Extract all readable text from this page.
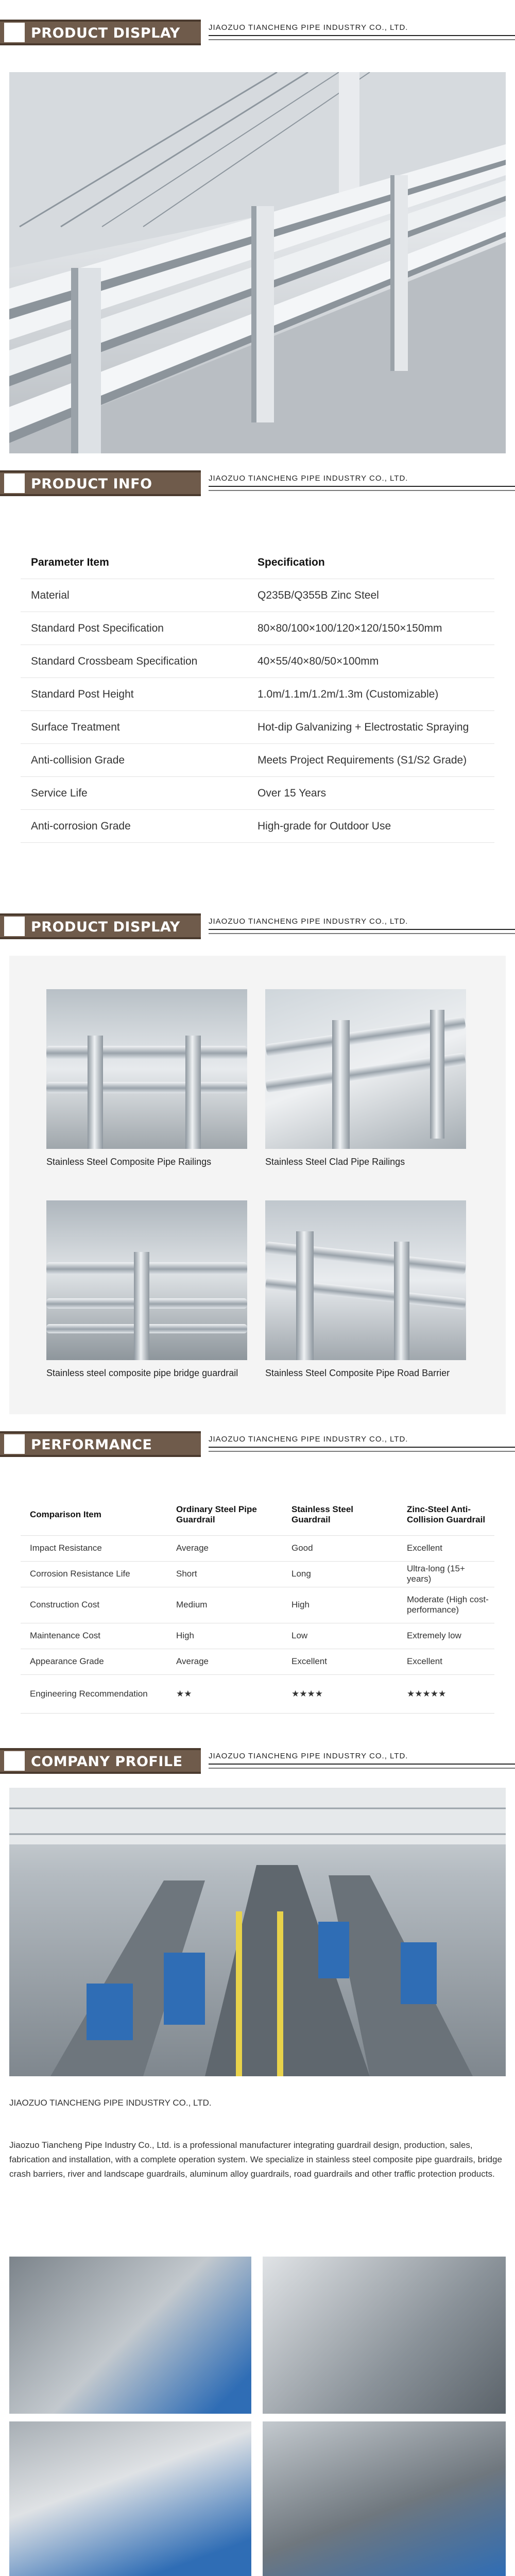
PRODUCT DISPLAY	JIAOZUO TIANCHENG PIPE INDUSTRY CO., LTD.
PRODUCT INFO	JIAOZUO TIANCHENG PIPE INDUSTRY CO., LTD.
Parameter Item	Specification
Material	Q235B/Q355B Zinc Steel
Standard Post Specification	80×80/100×100/120×120/150×150mm
Standard Crossbeam Specification	40×55/40×80/50×100mm
Standard Post Height	1.0m/1.1m/1.2m/1.3m (Customizable)
Surface Treatment	Hot-dip Galvanizing + Electrostatic Spraying
Anti-collision Grade	Meets Project Requirements (S1/S2 Grade)
Service Life	Over 15 Years
Anti-corrosion Grade	High-grade for Outdoor Use
PRODUCT DISPLAY	JIAOZUO TIANCHENG PIPE INDUSTRY CO., LTD.
Stainless Steel Composite Pipe Railings	Stainless Steel Clad Pipe Railings
Stainless steel composite pipe bridge guardrail	Stainless Steel Composite Pipe Road Barrier
PERFORMANCE	JIAOZUO TIANCHENG PIPE INDUSTRY CO., LTD.
Comparison Item	Ordinary Steel Pipe Guardrail	Stainless Steel Guardrail	Zinc-Steel Anti-Collision Guardrail
Impact Resistance	Average	Good	Excellent
Corrosion Resistance Life	Short	Long	Ultra-long (15+ years)
Construction Cost	Medium	High	Moderate (High cost-performance)
Maintenance Cost	High	Low	Extremely low
Appearance Grade	Average	Excellent	Excellent
Engineering Recommendation	★★	★★★★	★★★★★
COMPANY PROFILE	JIAOZUO TIANCHENG PIPE INDUSTRY CO., LTD.
JIAOZUO TIANCHENG PIPE INDUSTRY CO., LTD.
Jiaozuo Tiancheng Pipe Industry Co., Ltd. is a professional manufacturer integrating guardrail design, production, sales, fabrication and installation, with a complete operation system. We specialize in stainless steel composite pipe guardrails, bridge crash barriers, river and landscape guardrails, aluminum alloy guardrails, road guardrails and other traffic protection products.
